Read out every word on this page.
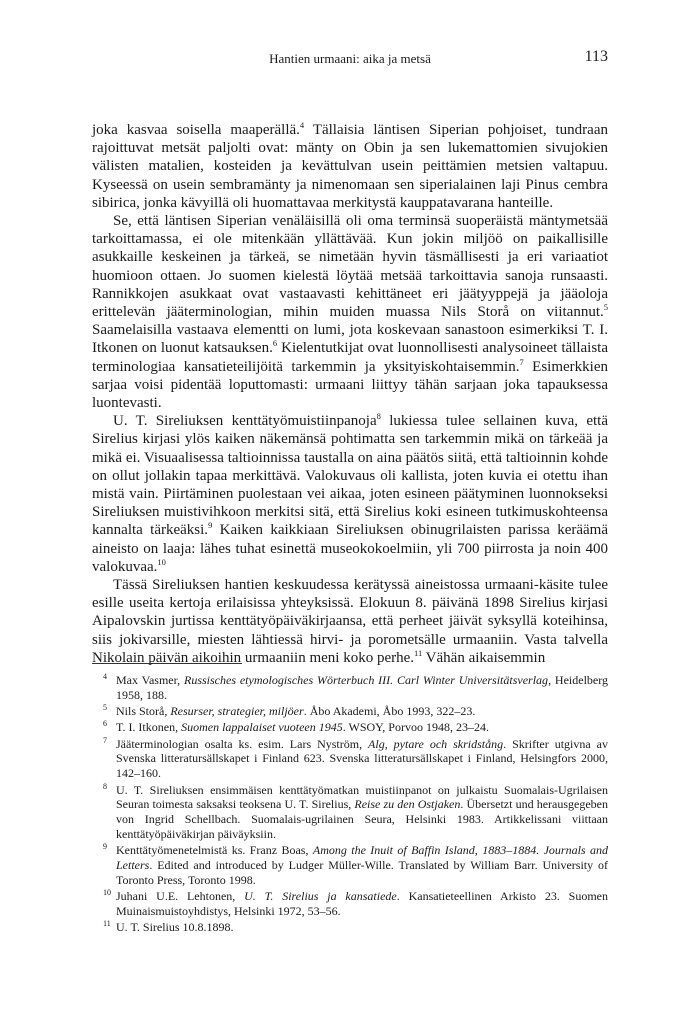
Hantien urmaani: aika ja metsä	113

joka kasvaa soisella maaperällä.$^4$ Tällaisia läntisen Siperian pohjoiset, tundraan rajoittuvat metsät paljolti ovat: mänty on Obin ja sen lukemattomien sivujokien välisten matalien, kosteiden ja kevättulvan usein peittämien metsien valtapuu. Kyseessä on usein sembramänty ja nimenomaan sen siperialainen laji Pinus cembra sibirica, jonka kävyillä oli huomattavaa merkitystä kauppatavarana hanteille.

Se, että läntisen Siperian venäläisillä oli oma terminsä suoperäistä mäntymetsää tarkoittamassa, ei ole mitenkään yllättävää. Kun jokin miljöö on paikallisille asukkaille keskeinen ja tärkeä, se nimetään hyvin täsmällisesti ja eri variaatiot huomioon ottaen. Jo suomen kielestä löytää metsää tarkoittavia sanoja runsaasti. Rannikkojen asukkaat ovat vastaavasti kehittäneet eri jäätyyppejä ja jääoloja erittelevän jääterminologian, mihin muiden muassa Nils Storå on viitannut.$^5$ Saamelaisilla vastaava elementti on lumi, jota koskevaan sanastoon esimerkiksi T. I. Itkonen on luonut katsauksen.$^6$ Kielentutkijat ovat luonnollisesti analysoineet tällaista terminologiaa kansatieteilijöitä tarkemmin ja yksityiskohtaisemmin.$^7$ Esimerkkien sarjaa voisi pidentää loputtomasti: urmaani liittyy tähän sarjaan joka tapauksessa luontevasti.

U. T. Sireliuksen kenttätyömuistiinpanoja$^8$ lukiessa tulee sellainen kuva, että Sirelius kirjasi ylös kaiken näkemänsä pohtimatta sen tarkemmin mikä on tärkeää ja mikä ei. Visuaalisessa taltioinnissa taustalla on aina päätös siitä, että taltioinnin kohde on ollut jollakin tapaa merkittävä. Valokuvaus oli kallista, joten kuvia ei otettu ihan mistä vain. Piirtäminen puolestaan vei aikaa, joten esineen päätyminen luonnokseksi Sireliuksen muistivihkoon merkitsi sitä, että Sirelius koki esineen tutkimuskohteensa kannalta tärkeäksi.$^9$ Kaiken kaikkiaan Sireliuksen obinugrilaisten parissa keräämä aineisto on laaja: lähes tuhat esinettä museokokoelmiin, yli 700 piirrosta ja noin 400 valokuvaa.$^{10}$

Tässä Sireliuksen hantien keskuudessa kerätyssä aineistossa urmaani-käsite tulee esille useita kertoja erilaisissa yhteyksissä. Elokuun 8. päivänä 1898 Sirelius kirjasi Aipalovskin jurtissa kenttätyöpäiväkirjaansa, että perheet jäivät syksyllä koteihinsa, siis jokivarsille, miesten lähtiessä hirvi- ja porometsälle urmaaniin. Vasta talvella Nikolain päivän aikoihin urmaaniin meni koko perhe.$^{11}$ Vähän aikaisemmin

4 Max Vasmer, Russisches etymologisches Wörterbuch III. Carl Winter Universitätsverlag, Heidelberg 1958, 188.
5 Nils Storå, Resurser, strategier, miljöer. Åbo Akademi, Åbo 1993, 322–23.
6 T. I. Itkonen, Suomen lappalaiset vuoteen 1945. WSOY, Porvoo 1948, 23–24.
7 Jääterminologian osalta ks. esim. Lars Nyström, Alg, pytare och skridstång. Skrifter utgivna av Svenska litteratursällskapet i Finland 623. Svenska litteratursällskapet i Finland, Helsingfors 2000, 142–160.
8 U. T. Sireliuksen ensimmäisen kenttätyömatkan muistiinpanot on julkaistu Suomalais-Ugrilaisen Seuran toimesta saksaksi teoksena U. T. Sirelius, Reise zu den Ostjaken. Übersetzt und herausgegeben von Ingrid Schellbach. Suomalais-ugrilainen Seura, Helsinki 1983. Artikkelissani viittaan kenttätyöpäiväkirjan päiväyksiin.
9 Kenttätyömenetelmistä ks. Franz Boas, Among the Inuit of Baffin Island, 1883–1884. Journals and Letters. Edited and introduced by Ludger Müller-Wille. Translated by William Barr. University of Toronto Press, Toronto 1998.
10 Juhani U.E. Lehtonen, U. T. Sirelius ja kansatiede. Kansatieteellinen Arkisto 23. Suomen Muinaismuistoyhdistys, Helsinki 1972, 53–56.
11 U. T. Sirelius 10.8.1898.
